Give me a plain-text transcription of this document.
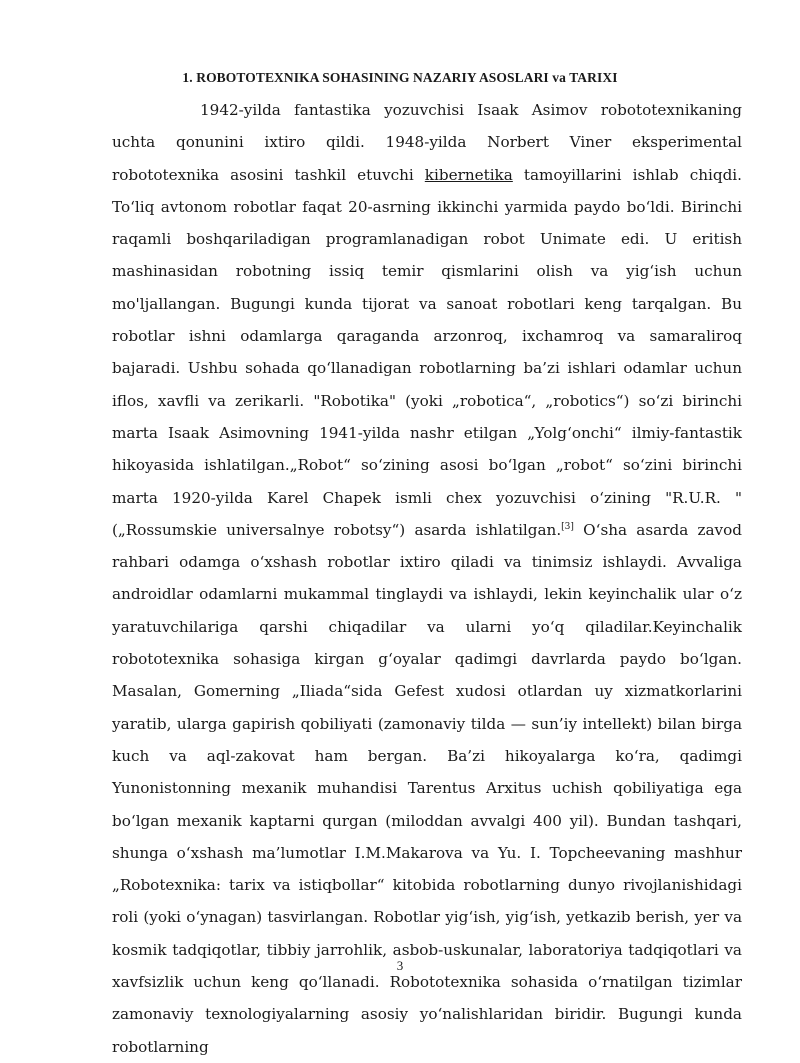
1. ROBOTOTEXNIKA SOHASINING NAZARIY ASOSLARI va TARIXI

1942-yilda fantastika yozuvchisi Isaak Asimov robototexnikaning uchta qonunini ixtiro qildi. 1948-yilda Norbert Viner eksperimental robototexnika asosini tashkil etuvchi kibernetika tamoyillarini ishlab chiqdi. To‘liq avtonom robotlar faqat 20-asrning ikkinchi yarmida paydo bo‘ldi. Birinchi raqamli boshqariladigan programlanadigan robot Unimate edi. U eritish mashinasidan robotning issiq temir qismlarini olish va yig‘ish uchun mo'ljallangan. Bugungi kunda tijorat va sanoat robotlari keng tarqalgan. Bu robotlar ishni odamlarga qaraganda arzonroq, ixchamroq va samaraliroq bajaradi. Ushbu sohada qo‘llanadigan robotlarning ba’zi ishlari odamlar uchun iflos, xavfli va zerikarli. "Robotika" (yoki „robotica“, „robotics“) so‘zi birinchi marta Isaak Asimovning 1941-yilda nashr etilgan „Yolg‘onchi“ ilmiy-fantastik hikoyasida ishlatilgan.„Robot“ so‘zining asosi bo‘lgan „robot“ so‘zini birinchi marta 1920-yilda Karel Chapek ismli chex yozuvchisi o‘zining "R.U.R. "(„Rossumskie universalnye robotsy“) asarda ishlatilgan.[3] O‘sha asarda zavod rahbari odamga o‘xshash robotlar ixtiro qiladi va tinimsiz ishlaydi. Avvaliga androidlar odamlarni mukammal tinglaydi va ishlaydi, lekin keyinchalik ular o‘z yaratuvchilariga qarshi chiqadilar va ularni yo‘q qiladilar.Keyinchalik robototexnika sohasiga kirgan g‘oyalar qadimgi davrlarda paydo bo‘lgan. Masalan, Gomerning „Iliada“sida Gefest xudosi otlardan uy xizmatkorlarini yaratib, ularga gapirish qobiliyati (zamonaviy tilda — sun’iy intellekt) bilan birga kuch va aql-zakovat ham bergan. Ba’zi hikoyalarga ko‘ra, qadimgi Yunonistonning mexanik muhandisi Tarentus Arxitus uchish qobiliyatiga ega bo‘lgan mexanik kaptarni qurgan (miloddan avvalgi 400 yil). Bundan tashqari, shunga o‘xshash ma’lumotlar I.M.Makarova va Yu. I. Topcheevaning mashhur „Robotexnika: tarix va istiqbollar“ kitobida robotlarning dunyo rivojlanishidagi roli (yoki o‘ynagan) tasvirlangan. Robotlar yig‘ish, yig‘ish, yetkazib berish, yer va kosmik tadqiqotlar, tibbiy jarrohlik, asbob-uskunalar, laboratoriya tadqiqotlari va xavfsizlik uchun keng qo‘llanadi. Robototexnika sohasida o‘rnatilgan tizimlar zamonaviy texnologiyalarning asosiy yo‘nalishlaridan biridir. Bugungi kunda robotlarning

3
